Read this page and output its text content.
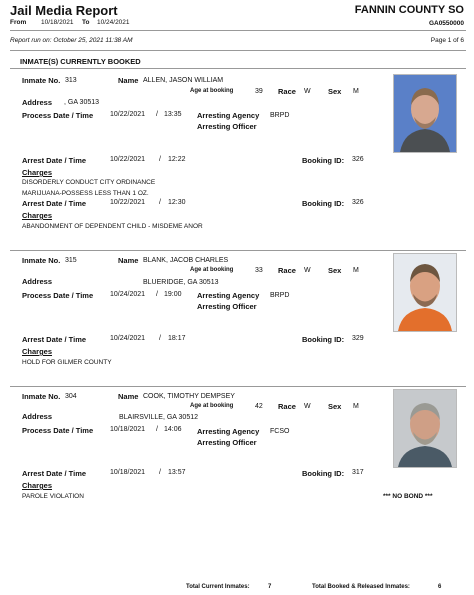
Jail Media Report
From 10/18/2021 To 10/24/2021
FANNIN COUNTY SO
GA0550000
Report run on: October 25, 2021 11:38 AM	Page 1 of 6
INMATE(S) CURRENTLY BOOKED
Inmate No. 313	Name ALLEN, JASON WILLIAM
Age at booking	39 Race W Sex M
Address , GA 30513
Process Date / Time 10/22/2021 / 13:35 Arresting Agency BRPD
Arresting Officer
Arrest Date / Time	10/22/2021 / 12:22	Booking ID: 326
Charges
DISORDERLY CONDUCT CITY ORDINANCE
MARIJUANA-POSSESS LESS THAN 1 OZ.
Arrest Date / Time	10/22/2021 / 12:30	Booking ID: 326
Charges
ABANDONMENT OF DEPENDENT CHILD - MISDEME ANOR
Inmate No. 315	Name BLANK, JACOB CHARLES
Age at booking	33 Race W Sex M
Address	BLUERIDGE, GA 30513
Process Date / Time 10/24/2021 / 19:00 Arresting Agency BRPD
Arresting Officer
Arrest Date / Time	10/24/2021 / 18:17	Booking ID: 329
Charges
HOLD FOR GILMER COUNTY
Inmate No. 304	Name COOK, TIMOTHY DEMPSEY
Age at booking	42 Race W Sex M
Address	BLAIRSVILLE, GA 30512
Process Date / Time 10/18/2021 / 14:06 Arresting Agency FCSO
Arresting Officer
Arrest Date / Time	10/18/2021 / 13:57	Booking ID: 317
Charges
PAROLE VIOLATION	*** NO BOND ***
Total Current Inmates:	7	Total Booked & Released Inmates:	6
